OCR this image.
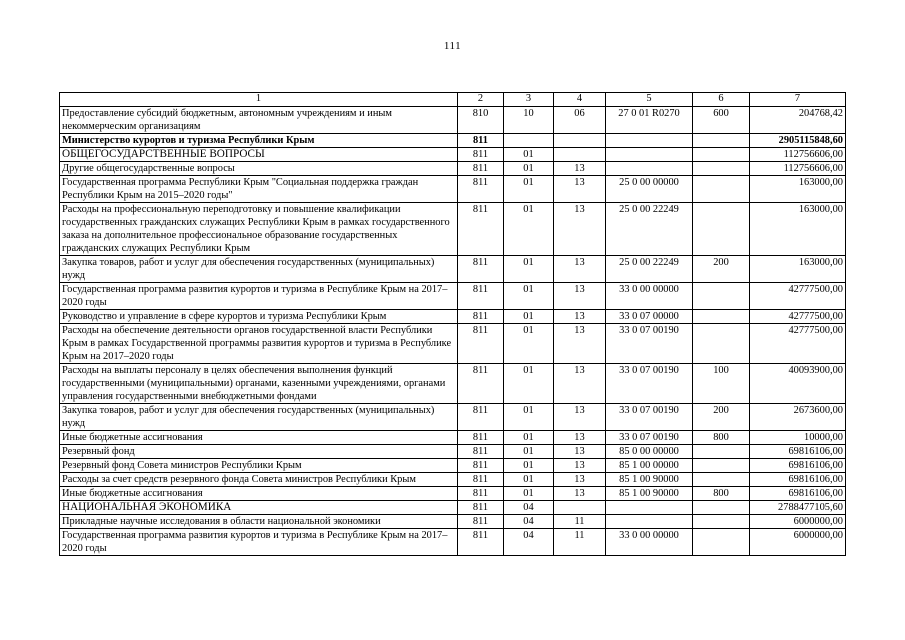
111
1	2	3	4	5	6	7
Предоставление субсидий бюджетным, автономным учреждениям и иным некоммерческим организациям	810	10	06	27 0 01 R0270	600	204768,42
Министерство курортов и туризма Республики Крым	811					2905115848,60
ОБЩЕГОСУДАРСТВЕННЫЕ ВОПРОСЫ	811	01				112756606,00
Другие общегосударственные вопросы	811	01	13			112756606,00
Государственная программа Республики Крым "Социальная поддержка граждан Республики Крым на 2015–2020 годы"	811	01	13	25 0 00 00000		163000,00
Расходы на профессиональную переподготовку и повышение квалификации государственных гражданских служащих Республики Крым в рамках государственного заказа на дополнительное профессиональное образование государственных гражданских служащих Республики Крым	811	01	13	25 0 00 22249		163000,00
Закупка товаров, работ и услуг для обеспечения государственных (муниципальных) нужд	811	01	13	25 0 00 22249	200	163000,00
Государственная программа развития курортов и туризма в Республике Крым на 2017–2020 годы	811	01	13	33 0 00 00000		42777500,00
Руководство и управление в сфере курортов и туризма Республики Крым	811	01	13	33 0 07 00000		42777500,00
Расходы на обеспечение деятельности органов государственной власти Республики Крым в рамках Государственной программы развития курортов и туризма в Республике Крым на 2017–2020 годы	811	01	13	33 0 07 00190		42777500,00
Расходы на выплаты персоналу в целях обеспечения выполнения функций государственными (муниципальными) органами, казенными учреждениями, органами управления государственными внебюджетными фондами	811	01	13	33 0 07 00190	100	40093900,00
Закупка товаров, работ и услуг для обеспечения государственных (муниципальных) нужд	811	01	13	33 0 07 00190	200	2673600,00
Иные бюджетные ассигнования	811	01	13	33 0 07 00190	800	10000,00
Резервный фонд	811	01	13	85 0 00 00000		69816106,00
Резервный фонд Совета министров Республики Крым	811	01	13	85 1 00 00000		69816106,00
Расходы за счет средств резервного фонда Совета министров Республики Крым	811	01	13	85 1 00 90000		69816106,00
Иные бюджетные ассигнования	811	01	13	85 1 00 90000	800	69816106,00
НАЦИОНАЛЬНАЯ ЭКОНОМИКА	811	04				2788477105,60
Прикладные научные исследования в области национальной экономики	811	04	11			6000000,00
Государственная программа развития курортов и туризма в Республике Крым на 2017–2020 годы	811	04	11	33 0 00 00000		6000000,00
